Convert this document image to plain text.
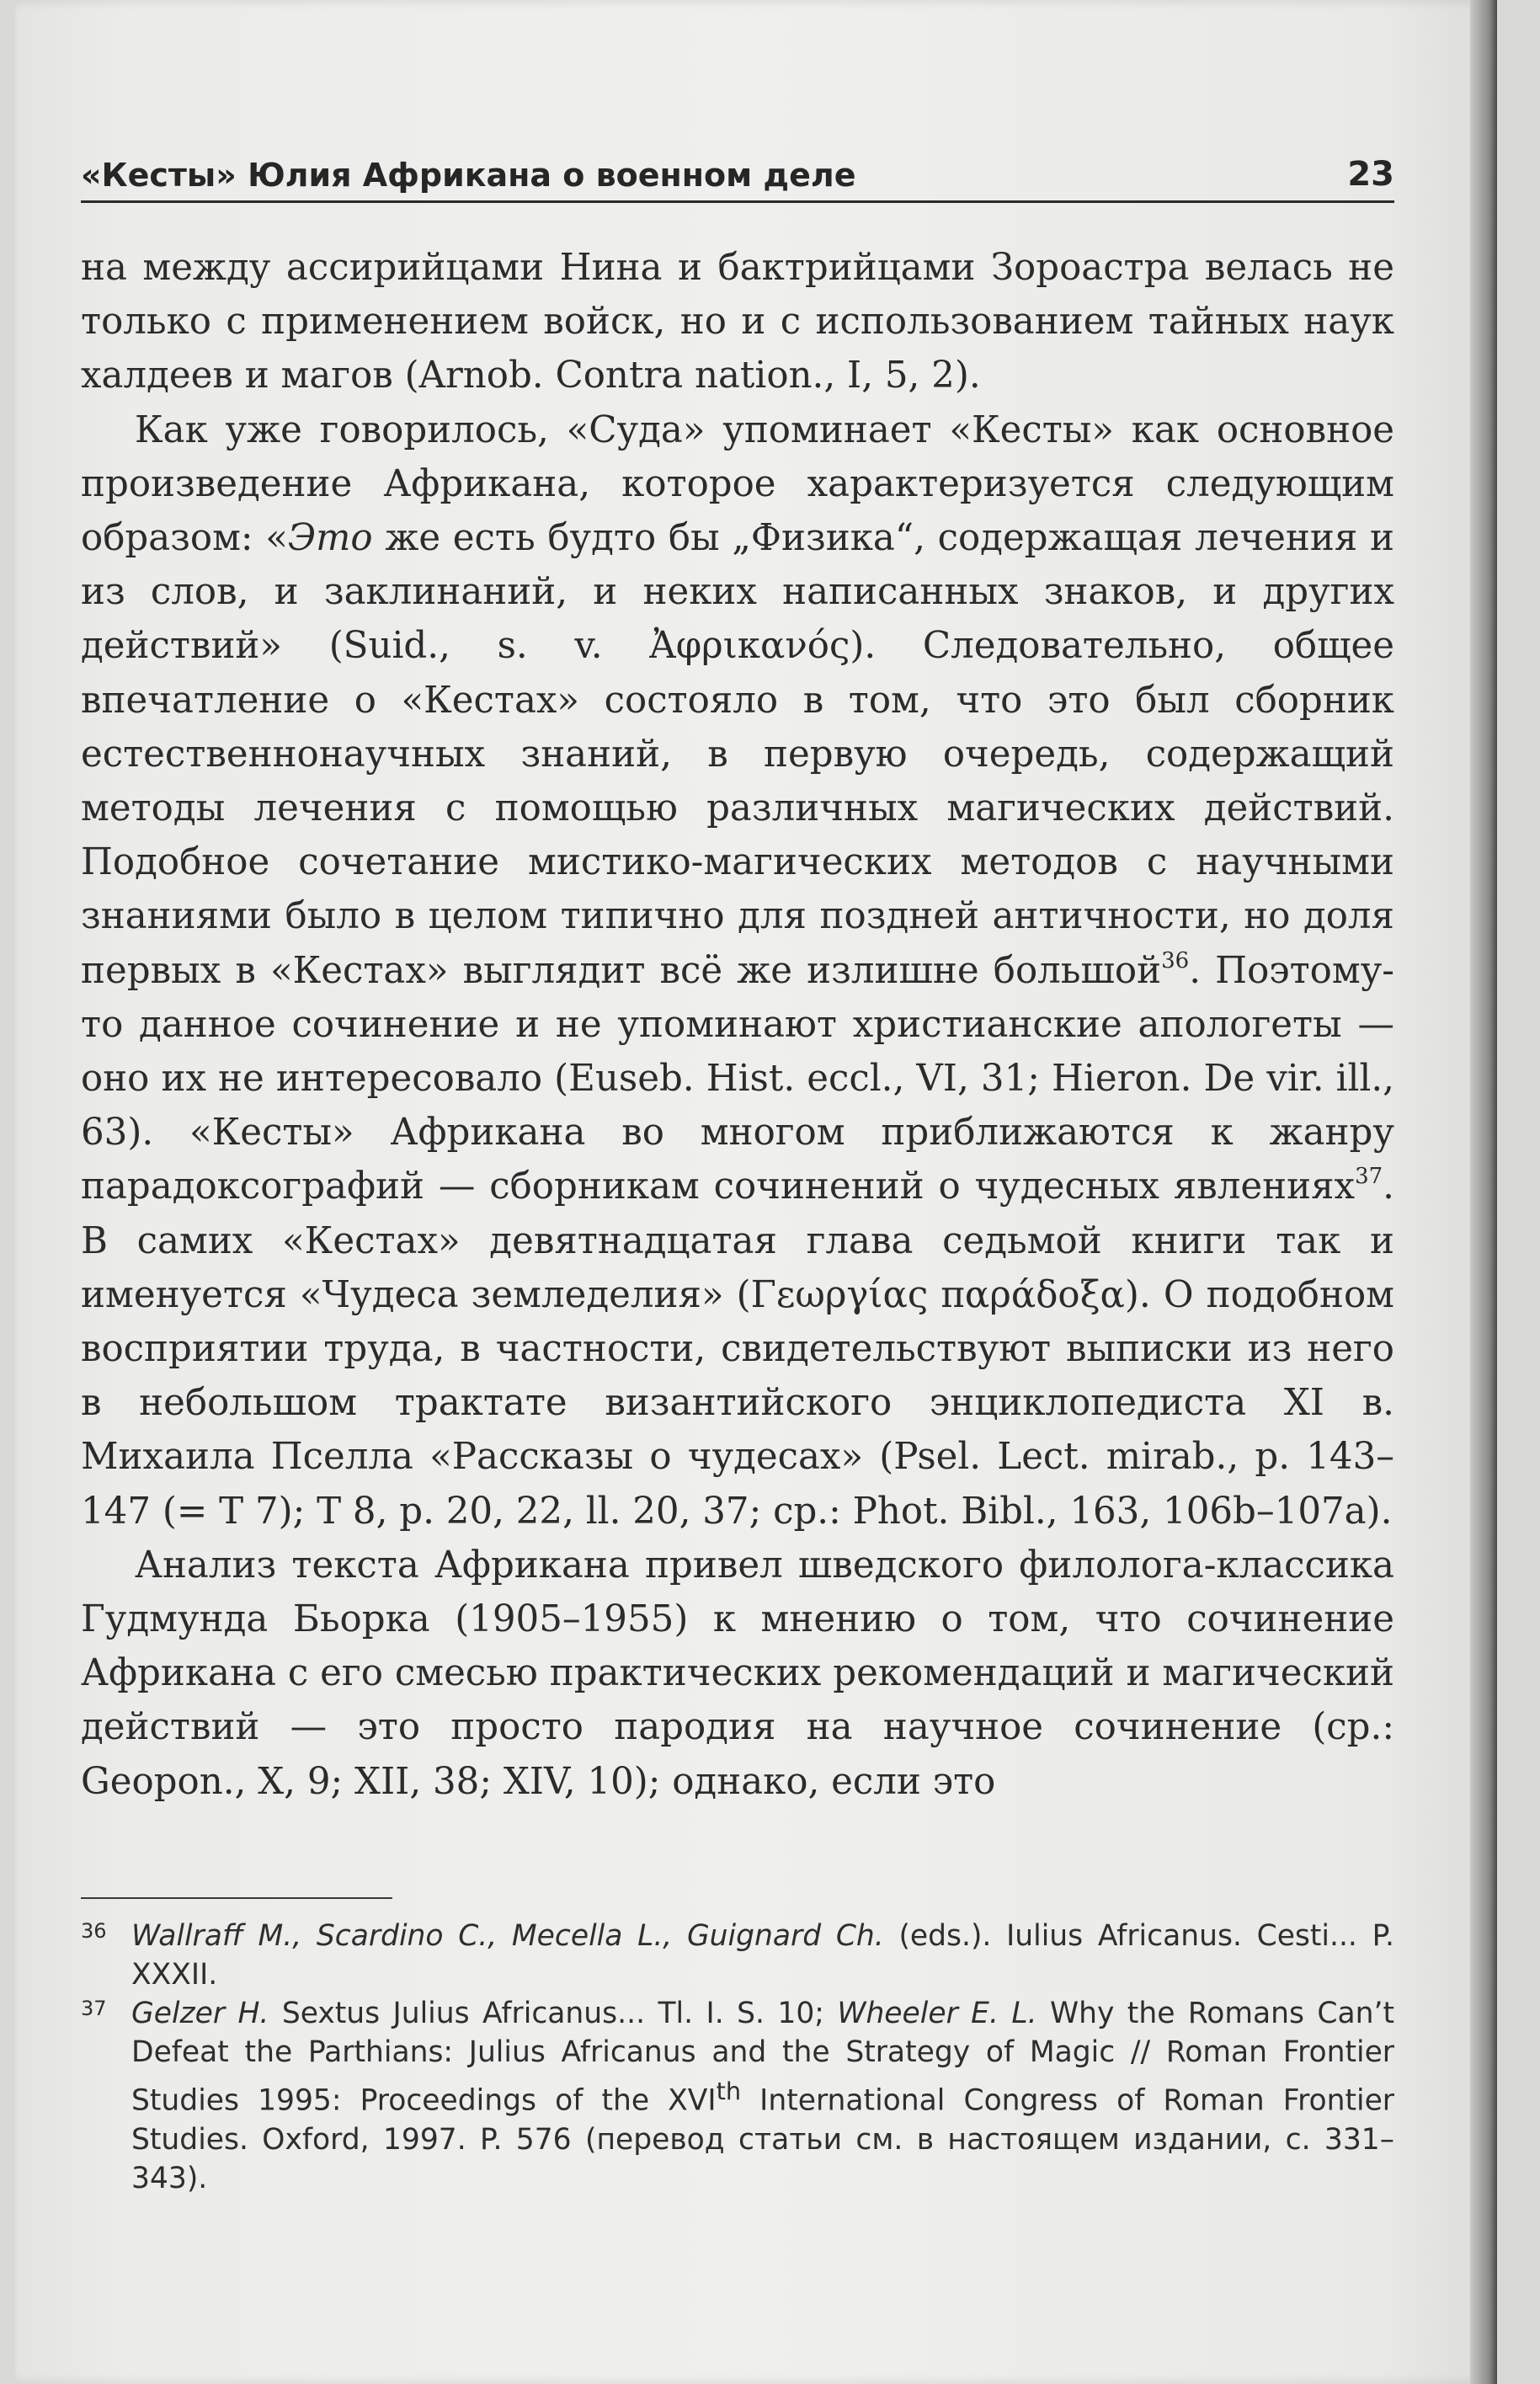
«Кесты» Юлия Африкана о военном деле	23

на между ассирийцами Нина и бактрийцами Зороастра велась не только с применением войск, но и с использованием тайных наук халдеев и магов (Arnob. Contra nation., I, 5, 2).

Как уже говорилось, «Суда» упоминает «Кесты» как основное произведение Африкана, которое характеризуется следующим образом: «Это же есть будто бы „Физика“, содержащая лечения и из слов, и заклинаний, и неких написанных знаков, и других действий» (Suid., s. v. Ἀφρικανός). Следовательно, общее впечатление о «Кестах» состояло в том, что это был сборник естественнонаучных знаний, в первую очередь, содержащий методы лечения с помощью различных магических действий. Подобное сочетание мистико-магических методов с научными знаниями было в целом типично для поздней античности, но доля первых в «Кестах» выглядит всё же излишне большой$^{36}$. Поэтому-то данное сочинение и не упоминают христианские апологеты — оно их не интересовало (Euseb. Hist. eccl., VI, 31; Hieron. De vir. ill., 63). «Кесты» Африкана во многом приближаются к жанру парадоксографий — сборникам сочинений о чудесных явлениях$^{37}$. В самих «Кестах» девятнадцатая глава седьмой книги так и именуется «Чудеса земледелия» (Γεωργίας παράδοξα). О подобном восприятии труда, в частности, свидетельствуют выписки из него в небольшом трактате византийского энциклопедиста XI в. Михаила Пселла «Рассказы о чудесах» (Psel. Lect. mirab., p. 143–147 (= T 7); T 8, p. 20, 22, ll. 20, 37; cp.: Phot. Bibl., 163, 106b–107a).

Анализ текста Африкана привел шведского филолога-классика Гудмунда Бьорка (1905–1955) к мнению о том, что сочинение Африкана с его смесью практических рекомендаций и магический действий — это просто пародия на научное сочинение (ср.: Geopon., X, 9; XII, 38; XIV, 10); однако, если это

36 Wallraff M., Scardino C., Mecella L., Guignard Ch. (eds.). Iulius Africanus. Cesti... P. XXXII.
37 Gelzer H. Sextus Julius Africanus... Tl. I. S. 10; Wheeler E. L. Why the Romans Can’t Defeat the Parthians: Julius Africanus and the Strategy of Magic // Roman Frontier Studies 1995: Proceedings of the XVIth International Congress of Roman Frontier Studies. Oxford, 1997. P. 576 (перевод статьи см. в настоящем издании, с. 331–343).
